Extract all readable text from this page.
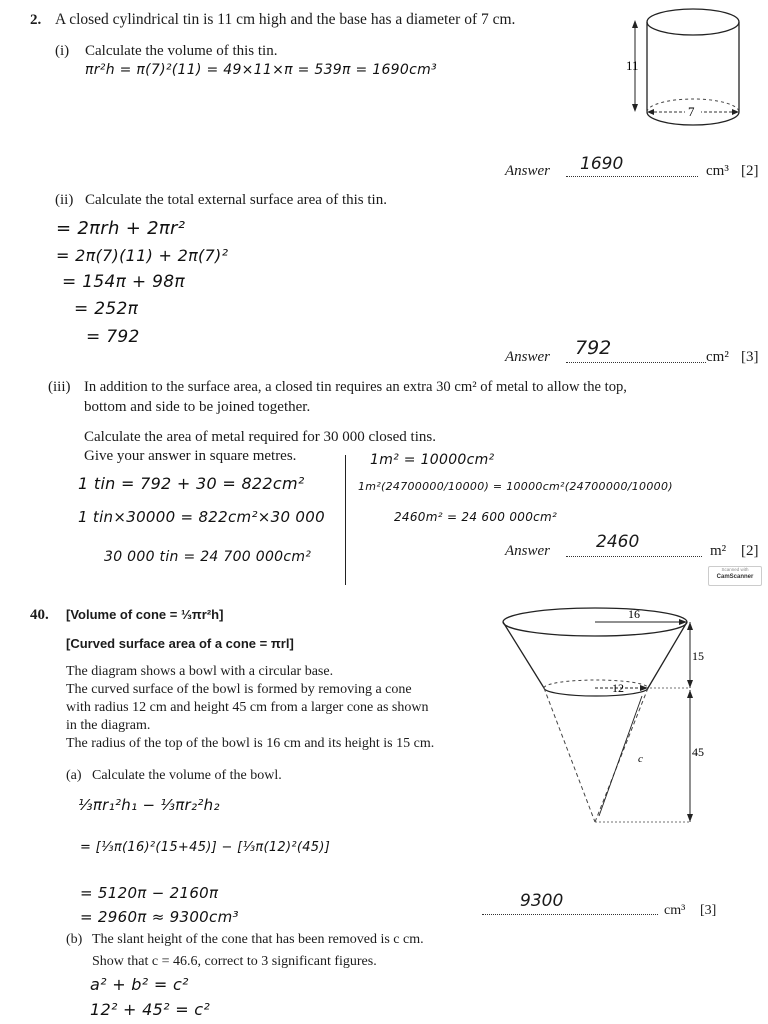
2. A closed cylindrical tin is 11 cm high and the base has a diameter of 7 cm.
11
7
(i) Calculate the volume of this tin.
πr²h = π(7)²(11) = 49×11×π = 539π = 1690cm³
Answer 1690	cm³ [2]
(ii) Calculate the total external surface area of this tin.
= 2πrh + 2πr²
= 2π(7)(11) + 2π(7)²
= 154π + 98π
= 252π
= 792
Answer 792	cm² [3]
(iii) In addition to the surface area, a closed tin requires an extra 30 cm² of metal to allow the top,
bottom and side to be joined together.
Calculate the area of metal required for 30 000 closed tins.
Give your answer in square metres.
1 tin = 792 + 30 = 822cm²
1 tin×30000 = 822cm²×30 000
30 000 tin = 24 700 000cm²
1m² = 10000cm²
1m²(24700000/10000) = 10000cm²(24700000/10000)
2460m² = 24 600 000cm²
Answer	2460	m² [2]
Scanned with
CamScanner
40. [Volume of cone = ⅓πr²h]
[Curved surface area of a cone = πrl]
The diagram shows a bowl with a circular base.
The curved surface of the bowl is formed by removing a cone
with radius 12 cm and height 45 cm from a larger cone as shown
in the diagram.
The radius of the top of the bowl is 16 cm and its height is 15 cm.
16
12
c
15
45
(a) Calculate the volume of the bowl.
⅓πr₁²h₁ − ⅓πr₂²h₂
= [⅓π(16)²(15+45)] − [⅓π(12)²(45)]
= 5120π − 2160π
= 2960π ≈ 9300cm³
9300	cm³ [3]
(b) The slant height of the cone that has been removed is c cm.
Show that c = 46.6, correct to 3 significant figures.
a² + b² = c²
12² + 45² = c²
